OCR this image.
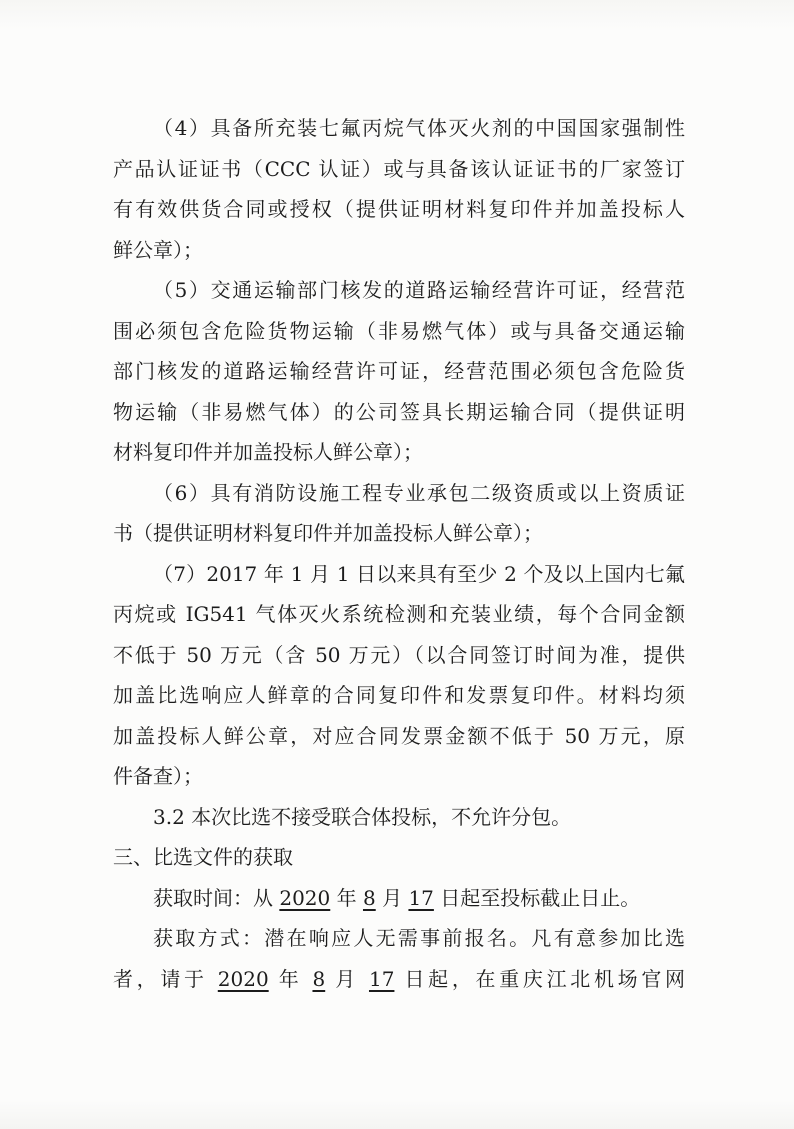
（4）具备所充装七氟丙烷气体灭火剂的中国国家强制性
产品认证证书（CCC 认证）或与具备该认证证书的厂家签订
有有效供货合同或授权（提供证明材料复印件并加盖投标人
鲜公章）；
（5）交通运输部门核发的道路运输经营许可证，经营范
围必须包含危险货物运输（非易燃气体）或与具备交通运输
部门核发的道路运输经营许可证，经营范围必须包含危险货
物运输（非易燃气体）的公司签具长期运输合同（提供证明
材料复印件并加盖投标人鲜公章）；
（6）具有消防设施工程专业承包二级资质或以上资质证
书（提供证明材料复印件并加盖投标人鲜公章）；
（7）2017 年 1 月 1 日以来具有至少 2 个及以上国内七氟
丙烷或 IG541 气体灭火系统检测和充装业绩，每个合同金额
不低于 50 万元（含 50 万元）（以合同签订时间为准，提供
加盖比选响应人鲜章的合同复印件和发票复印件。材料均须
加盖投标人鲜公章，对应合同发票金额不低于 50 万元，原
件备查）；
3.2 本次比选不接受联合体投标，不允许分包。
三、比选文件的获取
获取时间：从 2020 年 8 月 17 日起至投标截止日止。
获取方式：潜在响应人无需事前报名。凡有意参加比选
者，请于 2020 年 8 月 17 日起，在重庆江北机场官网
